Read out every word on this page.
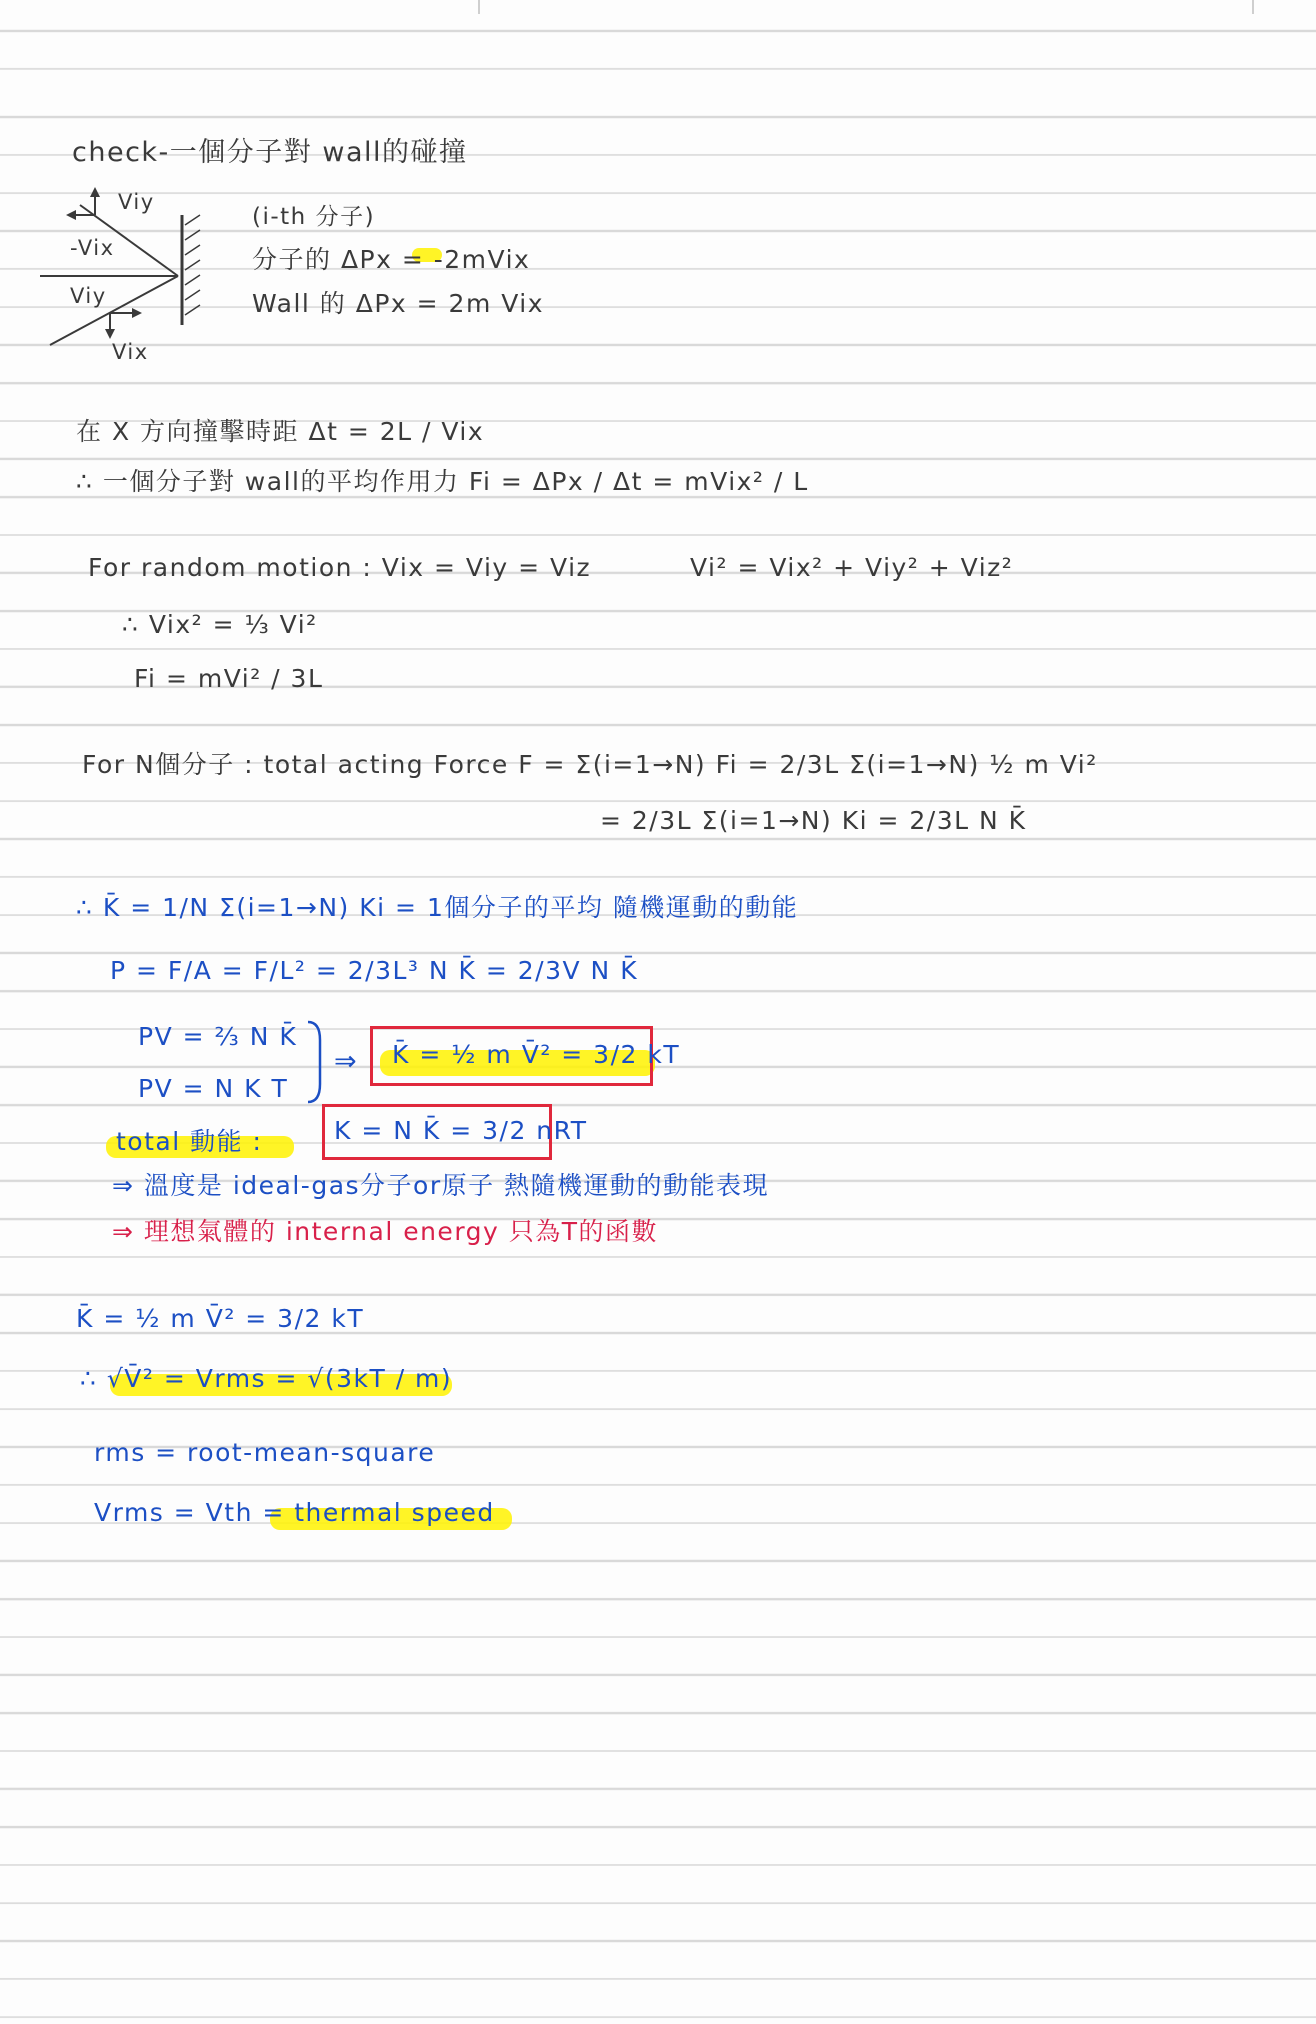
check-一個分子對 wall的碰撞
Viy
-Vix
Viy
Vix
(i-th 分子)
分子的 ΔPx = -2mVix
Wall 的 ΔPx = 2m Vix
在 X 方向撞擊時距 Δt = 2L / Vix
∴ 一個分子對 wall的平均作用力 Fi = ΔPx / Δt = mVix² / L
For random motion : Vix = Viy = Viz	Vi² = Vix² + Viy² + Viz²
∴ Vix² = ⅓ Vi²
Fi = mVi² / 3L
For N個分子 : total acting Force F = Σ(i=1→N) Fi = 2/3L Σ(i=1→N) ½ m Vi²
= 2/3L Σ(i=1→N) Ki = 2/3L N K̄
∴ K̄ = 1/N Σ(i=1→N) Ki = 1個分子的平均 隨機運動的動能
P = F/A = F/L² = 2/3L³ N K̄ = 2/3V N K̄
PV = ⅔ N K̄
PV = N K T
⇒ K̄ = ½ m V̄² = 3/2 kT
total 動能 :	K = N K̄ = 3/2 nRT
⇒ 溫度是 ideal-gas分子or原子 熱隨機運動的動能表現
⇒ 理想氣體的 internal energy 只為T的函數
K̄ = ½ m V̄² = 3/2 kT
∴ √V̄² = Vrms = √(3kT / m)
rms = root-mean-square
Vrms = Vth = thermal speed
